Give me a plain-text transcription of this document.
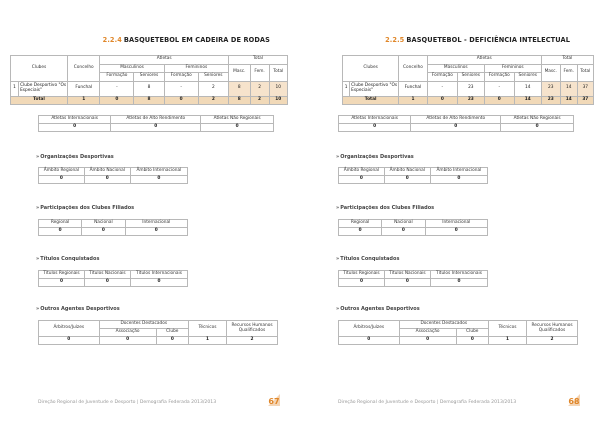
2.2.4 BASQUETEBOL EM CADEIRA DE RODAS
Clubes		Concelho	Atletas				Total		
			Masculinos		Femininos		Masc.	Fem.	Total
			Formação	Seniores	Formação	Seniores			
1	Clube Desportivo "Os Especiais"	Funchal	-	8	-	2	8	2	10
Total		1	0	8	0	2	8	2	10
Atletas Internacionais	Atletas de Alto Rendimento	Atletas Não Regionais
0	0	0
»Organizações Desportivas
Âmbito Regional	Âmbito Nacional	Âmbito Internacional
0	0	0
»Participações dos Clubes Filiados
Regional	Nacional	Internacional
0	0	0
»Títulos Conquistados
Títulos Regionais	Títulos Nacionais	Títulos Internacionais
0	0	0
»Outros Agentes Desportivos
Árbitros/Juízes	Docentes Destacados		Técnicos	Recursos Humanos Qualificados
	Associação	Clube		
0	0	0	1	2
Direção Regional de Juventude e Desporto | Demografia Federada 2013/2013	67
2.2.5 BASQUETEBOL - DEFICIÊNCIA INTELECTUAL
Clubes		Concelho	Atletas				Total		
			Masculinos		Femininos		Masc.	Fem.	Total
			Formação	Seniores	Formação	Seniores			
1	Clube Desportivo "Os Especiais"	Funchal	-	23	-	14	23	14	37
Total		1	0	23	0	14	23	14	37
Atletas Internacionais	Atletas de Alto Rendimento	Atletas Não Regionais
0	0	0
»Organizações Desportivas
Âmbito Regional	Âmbito Nacional	Âmbito Internacional
0	0	0
»Participações dos Clubes Filiados
Regional	Nacional	Internacional
0	0	0
»Títulos Conquistados
Títulos Regionais	Títulos Nacionais	Títulos Internacionais
0	0	0
»Outros Agentes Desportivos
Árbitros/Juízes	Docentes Destacados		Técnicos	Recursos Humanos Qualificados
	Associação	Clube		
0	0	0	1	2
Direção Regional de Juventude e Desporto | Demografia Federada 2013/2013	68
